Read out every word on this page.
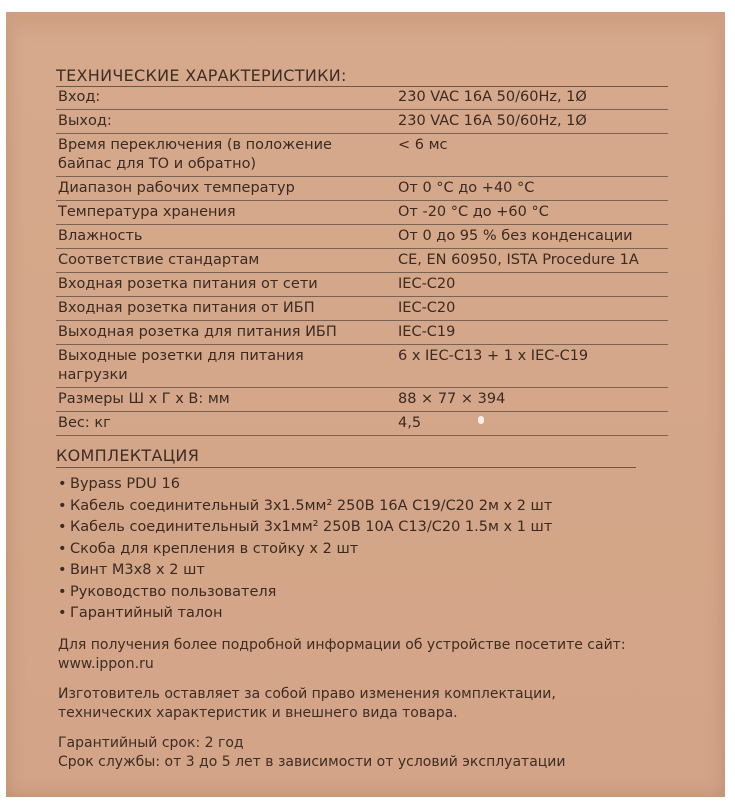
ТЕХНИЧЕСКИЕ ХАРАКТЕРИСТИКИ:
Вход:	230 VAC 16A 50/60Hz, 1Ø
Выход:	230 VAC 16A 50/60Hz, 1Ø
Время переключения (в положение байпас для ТО и обратно)	< 6 мс
Диапазон рабочих температур	От 0 °C до +40 °C
Температура хранения	От -20 °C до +60 °C
Влажность	От 0 до 95 % без конденсации
Соответствие стандартам	CE, EN 60950, ISTA Procedure 1A
Входная розетка питания от сети	IEC-C20
Входная розетка питания от ИБП	IEC-C20
Выходная розетка для питания ИБП	IEC-C19
Выходные розетки для питания нагрузки	6 x IEC-C13 + 1 x IEC-C19
Размеры Ш х Г х В: мм	88 × 77 × 394
Вес: кг	4,5
КОМПЛЕКТАЦИЯ
• Bypass PDU 16
• Кабель соединительный 3x1.5мм² 250В 16А С19/С20 2м х 2 шт
• Кабель соединительный 3x1мм² 250В 10А С13/С20 1.5м х 1 шт
• Скоба для крепления в стойку х 2 шт
• Винт М3х8 х 2 шт
• Руководство пользователя
• Гарантийный талон
Для получения более подробной информации об устройстве посетите сайт: www.ippon.ru
Изготовитель оставляет за собой право изменения комплектации, технических характеристик и внешнего вида товара.
Гарантийный срок: 2 год
Срок службы: от 3 до 5 лет в зависимости от условий эксплуатации
